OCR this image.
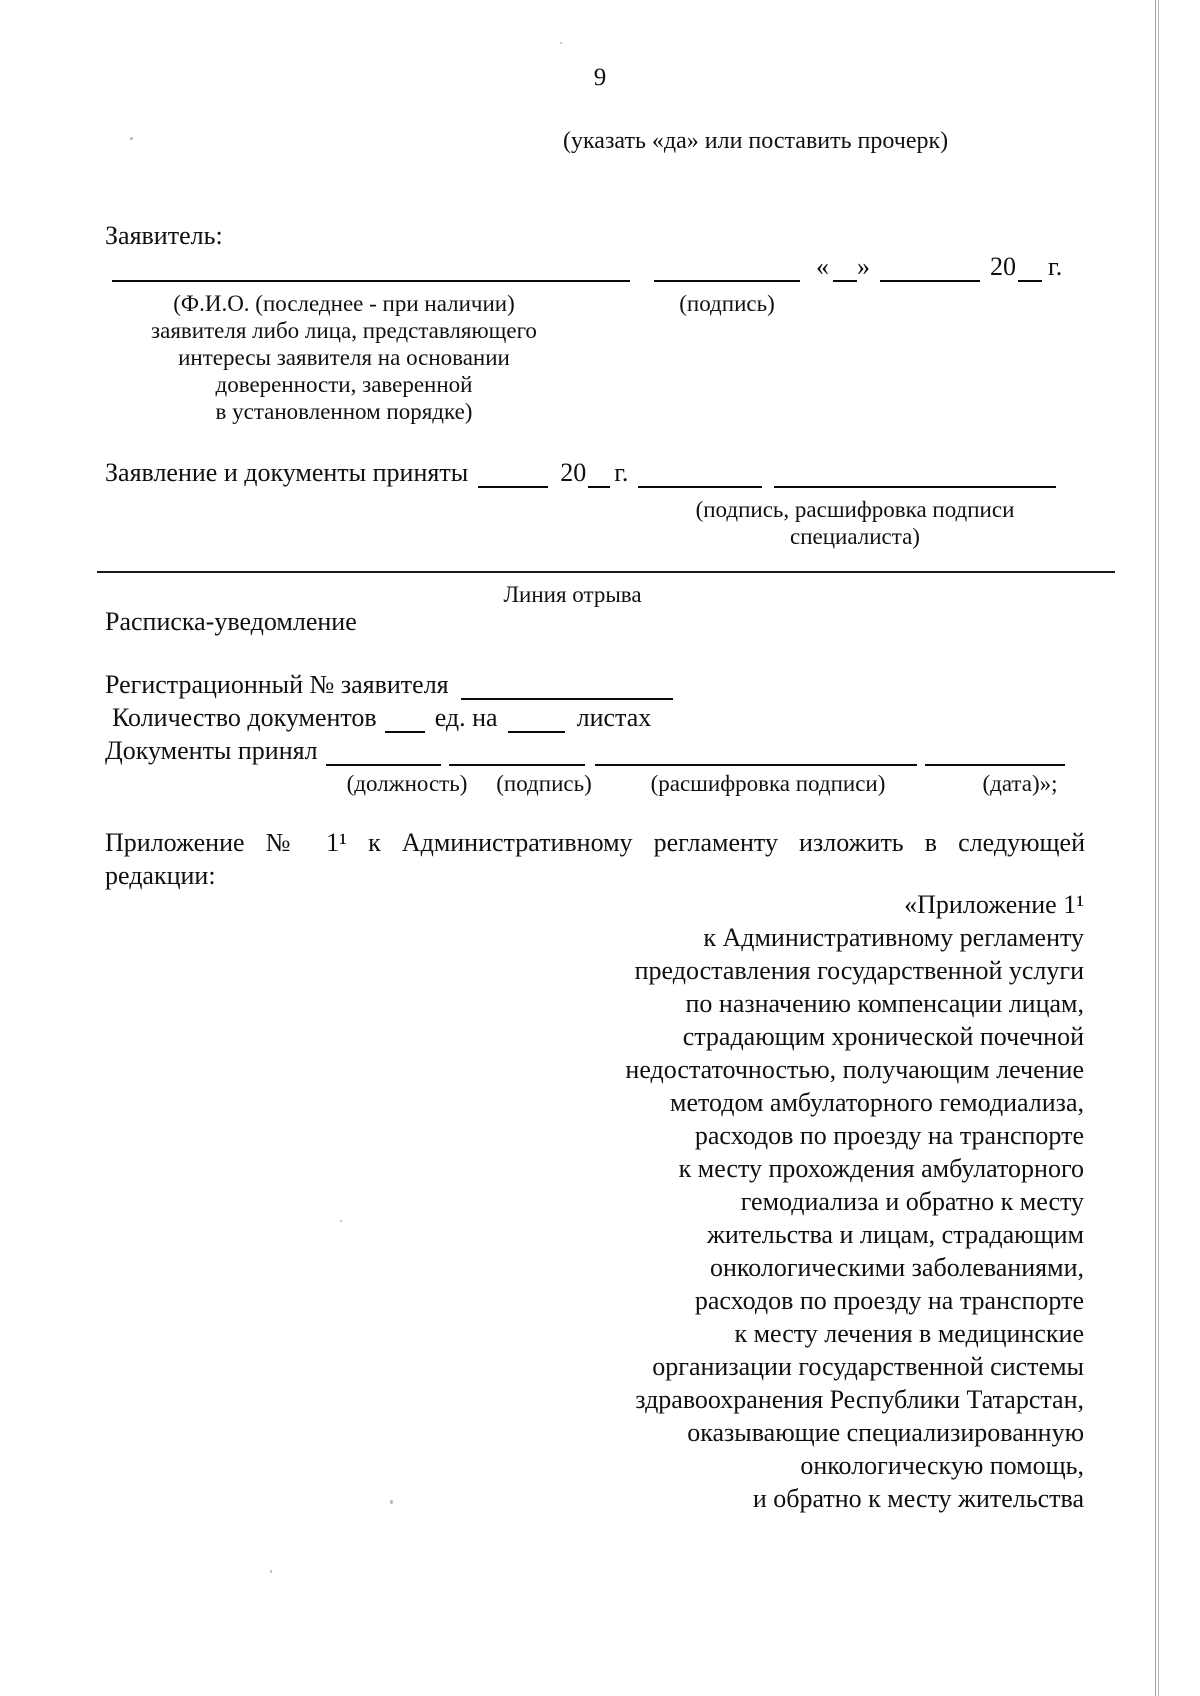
9
(указать «да» или поставить прочерк)
Заявитель:
« »	20 г.
(Ф.И.О. (последнее - при наличии)
заявителя либо лица, представляющего
интересы заявителя на основании
доверенности, заверенной
в установленном порядке)
(подпись)
Заявление и документы приняты	20 г.
(подпись, расшифровка подписи
специалиста)
Линия отрыва
Расписка-уведомление
Регистрационный № заявителя
Количество документов ед. на	листах
Документы принял
(должность)	(подпись)	(расшифровка подписи)	(дата)»;
Приложение № 1¹ к Административному регламенту изложить в следующей
редакции:
«Приложение 1¹
к Административному регламенту
предоставления государственной услуги
по назначению компенсации лицам,
страдающим хронической почечной
недостаточностью, получающим лечение
методом амбулаторного гемодиализа,
расходов по проезду на транспорте
к месту прохождения амбулаторного
гемодиализа и обратно к месту
жительства и лицам, страдающим
онкологическими заболеваниями,
расходов по проезду на транспорте
к месту лечения в медицинские
организации государственной системы
здравоохранения Республики Татарстан,
оказывающие специализированную
онкологическую помощь,
и обратно к месту жительства
